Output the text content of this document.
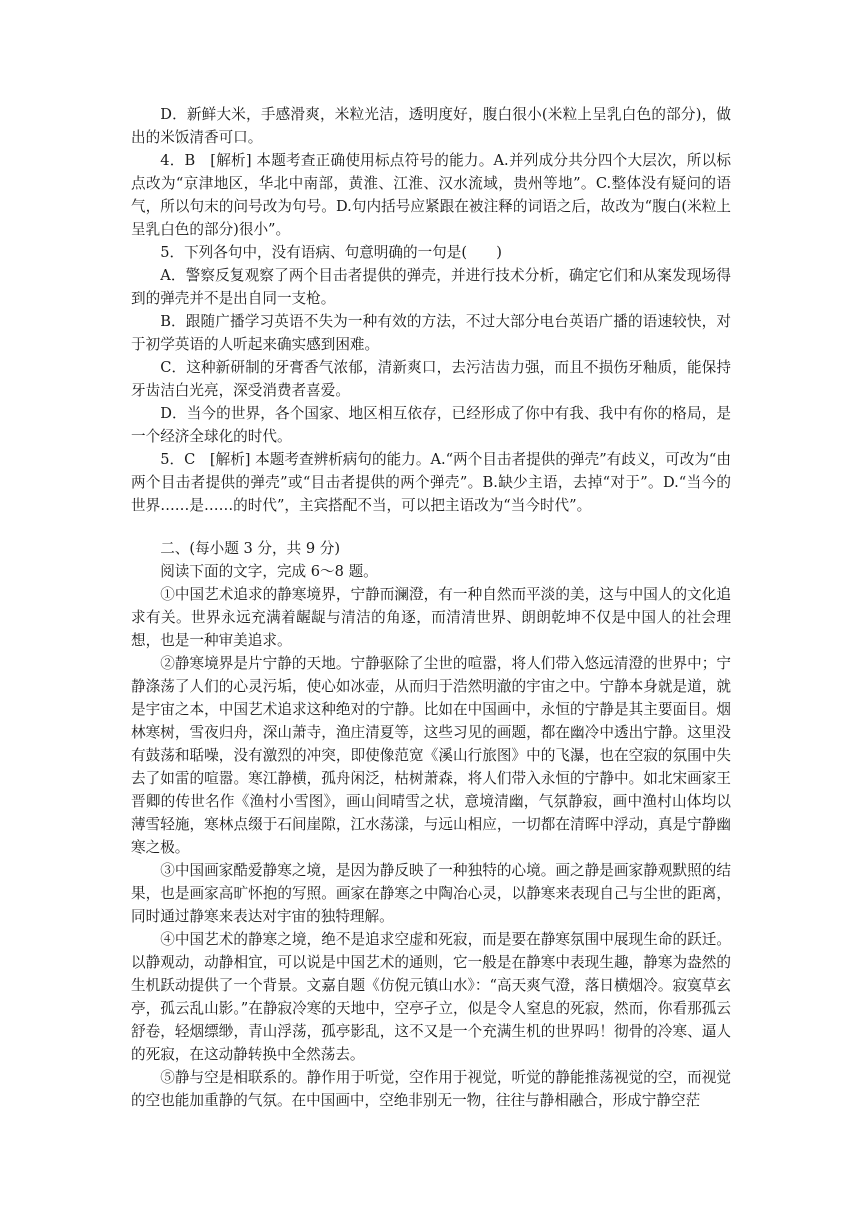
D．新鲜大米，手感滑爽，米粒光洁，透明度好，腹白很小(米粒上呈乳白色的部分)，做出的米饭清香可口。

4．B　[解析] 本题考查正确使用标点符号的能力。A.并列成分共分四个大层次，所以标点改为“京津地区，华北中南部，黄淮、江淮、汉水流域，贵州等地”。C.整体没有疑问的语气，所以句末的问号改为句号。D.句内括号应紧跟在被注释的词语之后，故改为“腹白(米粒上呈乳白色的部分)很小”。

5．下列各句中，没有语病、句意明确的一句是(　　)

A．警察反复观察了两个目击者提供的弹壳，并进行技术分析，确定它们和从案发现场得到的弹壳并不是出自同一支枪。

B．跟随广播学习英语不失为一种有效的方法，不过大部分电台英语广播的语速较快，对于初学英语的人听起来确实感到困难。

C．这种新研制的牙膏香气浓郁，清新爽口，去污洁齿力强，而且不损伤牙釉质，能保持牙齿洁白光亮，深受消费者喜爱。

D．当今的世界，各个国家、地区相互依存，已经形成了你中有我、我中有你的格局，是一个经济全球化的时代。

5．C　[解析] 本题考查辨析病句的能力。A.“两个目击者提供的弹壳”有歧义，可改为“由两个目击者提供的弹壳”或“目击者提供的两个弹壳”。B.缺少主语，去掉“对于”。D.“当今的世界……是……的时代”，主宾搭配不当，可以把主语改为“当今时代”。

二、(每小题 3 分，共 9 分)

阅读下面的文字，完成 6～8 题。

①中国艺术追求的静寒境界，宁静而澜澄，有一种自然而平淡的美，这与中国人的文化追求有关。世界永远充满着龌龊与清洁的角逐，而清清世界、朗朗乾坤不仅是中国人的社会理想，也是一种审美追求。

②静寒境界是片宁静的天地。宁静驱除了尘世的喧嚣，将人们带入悠远清澄的世界中；宁静涤荡了人们的心灵污垢，使心如冰壶，从而归于浩然明澈的宇宙之中。宁静本身就是道，就是宇宙之本，中国艺术追求这种绝对的宁静。比如在中国画中，永恒的宁静是其主要面目。烟林寒树，雪夜归舟，深山萧寺，渔庄清夏等，这些习见的画题，都在幽冷中透出宁静。这里没有鼓荡和聒噪，没有激烈的冲突，即使像范宽《溪山行旅图》中的飞瀑，也在空寂的氛围中失去了如雷的喧嚣。寒江静横，孤舟闲泛，枯树萧森，将人们带入永恒的宁静中。如北宋画家王晋卿的传世名作《渔村小雪图》，画山间晴雪之状，意境清幽，气氛静寂，画中渔村山体均以薄雪轻施，寒林点缀于石间崖隙，江水荡漾，与远山相应，一切都在清晖中浮动，真是宁静幽寒之极。

③中国画家酷爱静寒之境，是因为静反映了一种独特的心境。画之静是画家静观默照的结果，也是画家高旷怀抱的写照。画家在静寒之中陶冶心灵，以静寒来表现自己与尘世的距离，同时通过静寒来表达对宇宙的独特理解。

④中国艺术的静寒之境，绝不是追求空虚和死寂，而是要在静寒氛围中展现生命的跃迁。以静观动，动静相宜，可以说是中国艺术的通则，它一般是在静寒中表现生趣，静寒为盎然的生机跃动提供了一个背景。文嘉自题《仿倪元镇山水》：“高天爽气澄，落日横烟冷。寂寞草玄亭，孤云乱山影。”在静寂冷寒的天地中，空亭孑立，似是令人窒息的死寂，然而，你看那孤云舒卷，轻烟缥缈，青山浮荡，孤亭影乱，这不又是一个充满生机的世界吗！彻骨的冷寒、逼人的死寂，在这动静转换中全然荡去。

⑤静与空是相联系的。静作用于听觉，空作用于视觉，听觉的静能推荡视觉的空，而视觉的空也能加重静的气氛。在中国画中，空绝非别无一物，往往与静相融合，形成宁静空茫
